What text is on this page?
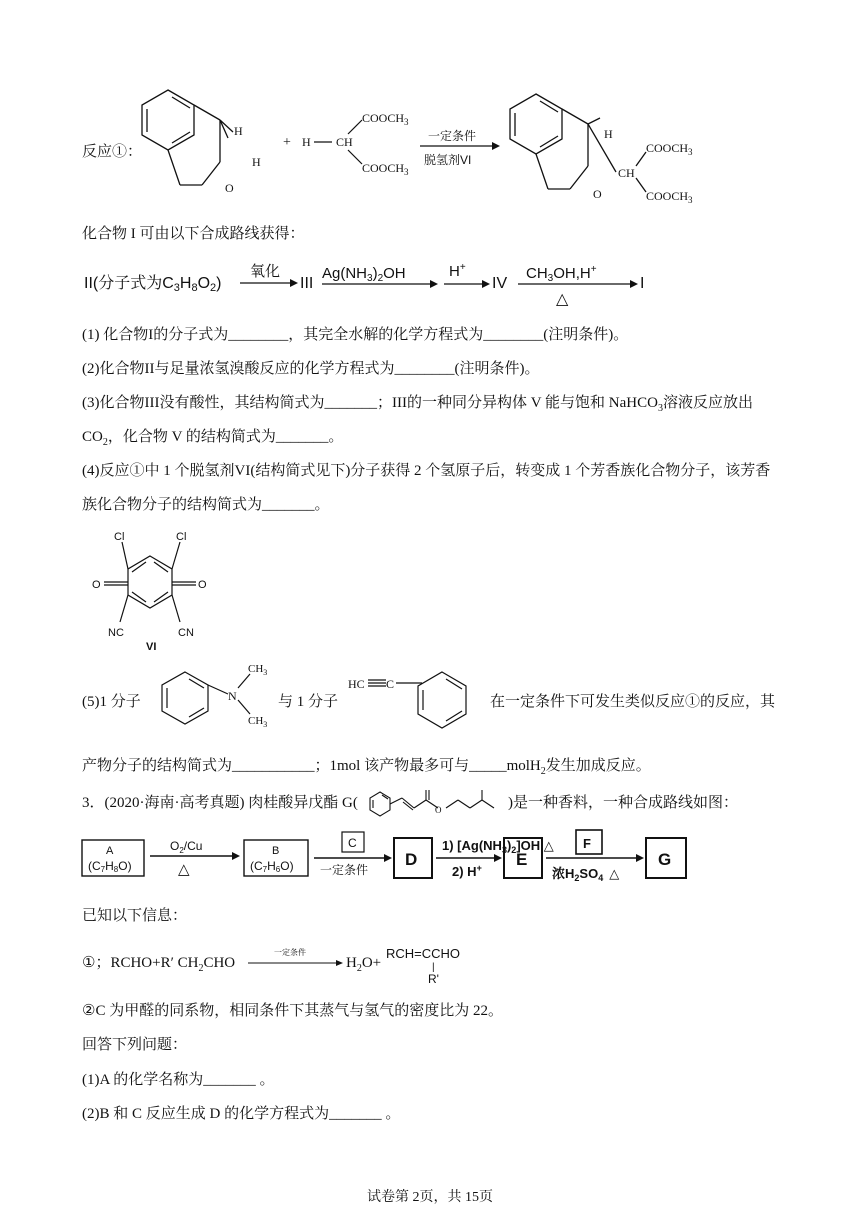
反应①：
H
H
O
+ H CH
$COOCH_3$
$COOCH_3$
一定条件
脱氢剂VI
H
CH
O
$COOCH_3$
$COOCH_3$
化合物 I 可由以下合成路线获得：
II(分子式为C3H8O2)
氧化
III
$Ag(NH_3)_2OH$	H+
IV
$CH_3OH,H^+$
△
I
(1) 化合物I的分子式为________，其完全水解的化学方程式为________(注明条件)。
(2)化合物II与足量浓氢溴酸反应的化学方程式为________(注明条件)。
(3)化合物III没有酸性，其结构简式为_______；III的一种同分异构体 V 能与饱和 NaHCO$_3$溶液反应放出
$CO_2$，化合物 V 的结构简式为_______。
(4)反应①中 1 个脱氢剂VI(结构简式见下)分子获得 2 个氢原子后，转变成 1 个芳香族化合物分子，该芳香
族化合物分子的结构简式为_______。
Cl	Cl
O	O
NC	CN
VI
(5)1 分子	N
$CH_3$
$CH_3$
与 1 分子
HC C
在一定条件下可发生类似反应①的反应，其
产物分子的结构简式为___________；1mol 该产物最多可与_____molH$_2$发生加成反应。
3．(2020·海南·高考真题) 肉桂酸异戊酯 G(	O	)是一种香料，一种合成路线如图：
A
(C7H8O)
$O_2/Cu$
△
B
(C7H6O)
C
一定条件
D
1) $[Ag(NH_3)_2]OH,\triangle$
2) H+ E
F
浓$H_2SO_4$ △
G
已知以下信息：
①；RCHO+R′ $CH_2CHO$
一定条件
$H_2O+$
RCH=CCHO
|
R'
②C 为甲醛的同系物，相同条件下其蒸气与氢气的密度比为 22。
回答下列问题：
(1)A 的化学名称为_______ 。
(2)B 和 C 反应生成 D 的化学方程式为_______ 。
试卷第 2页，共 15页
